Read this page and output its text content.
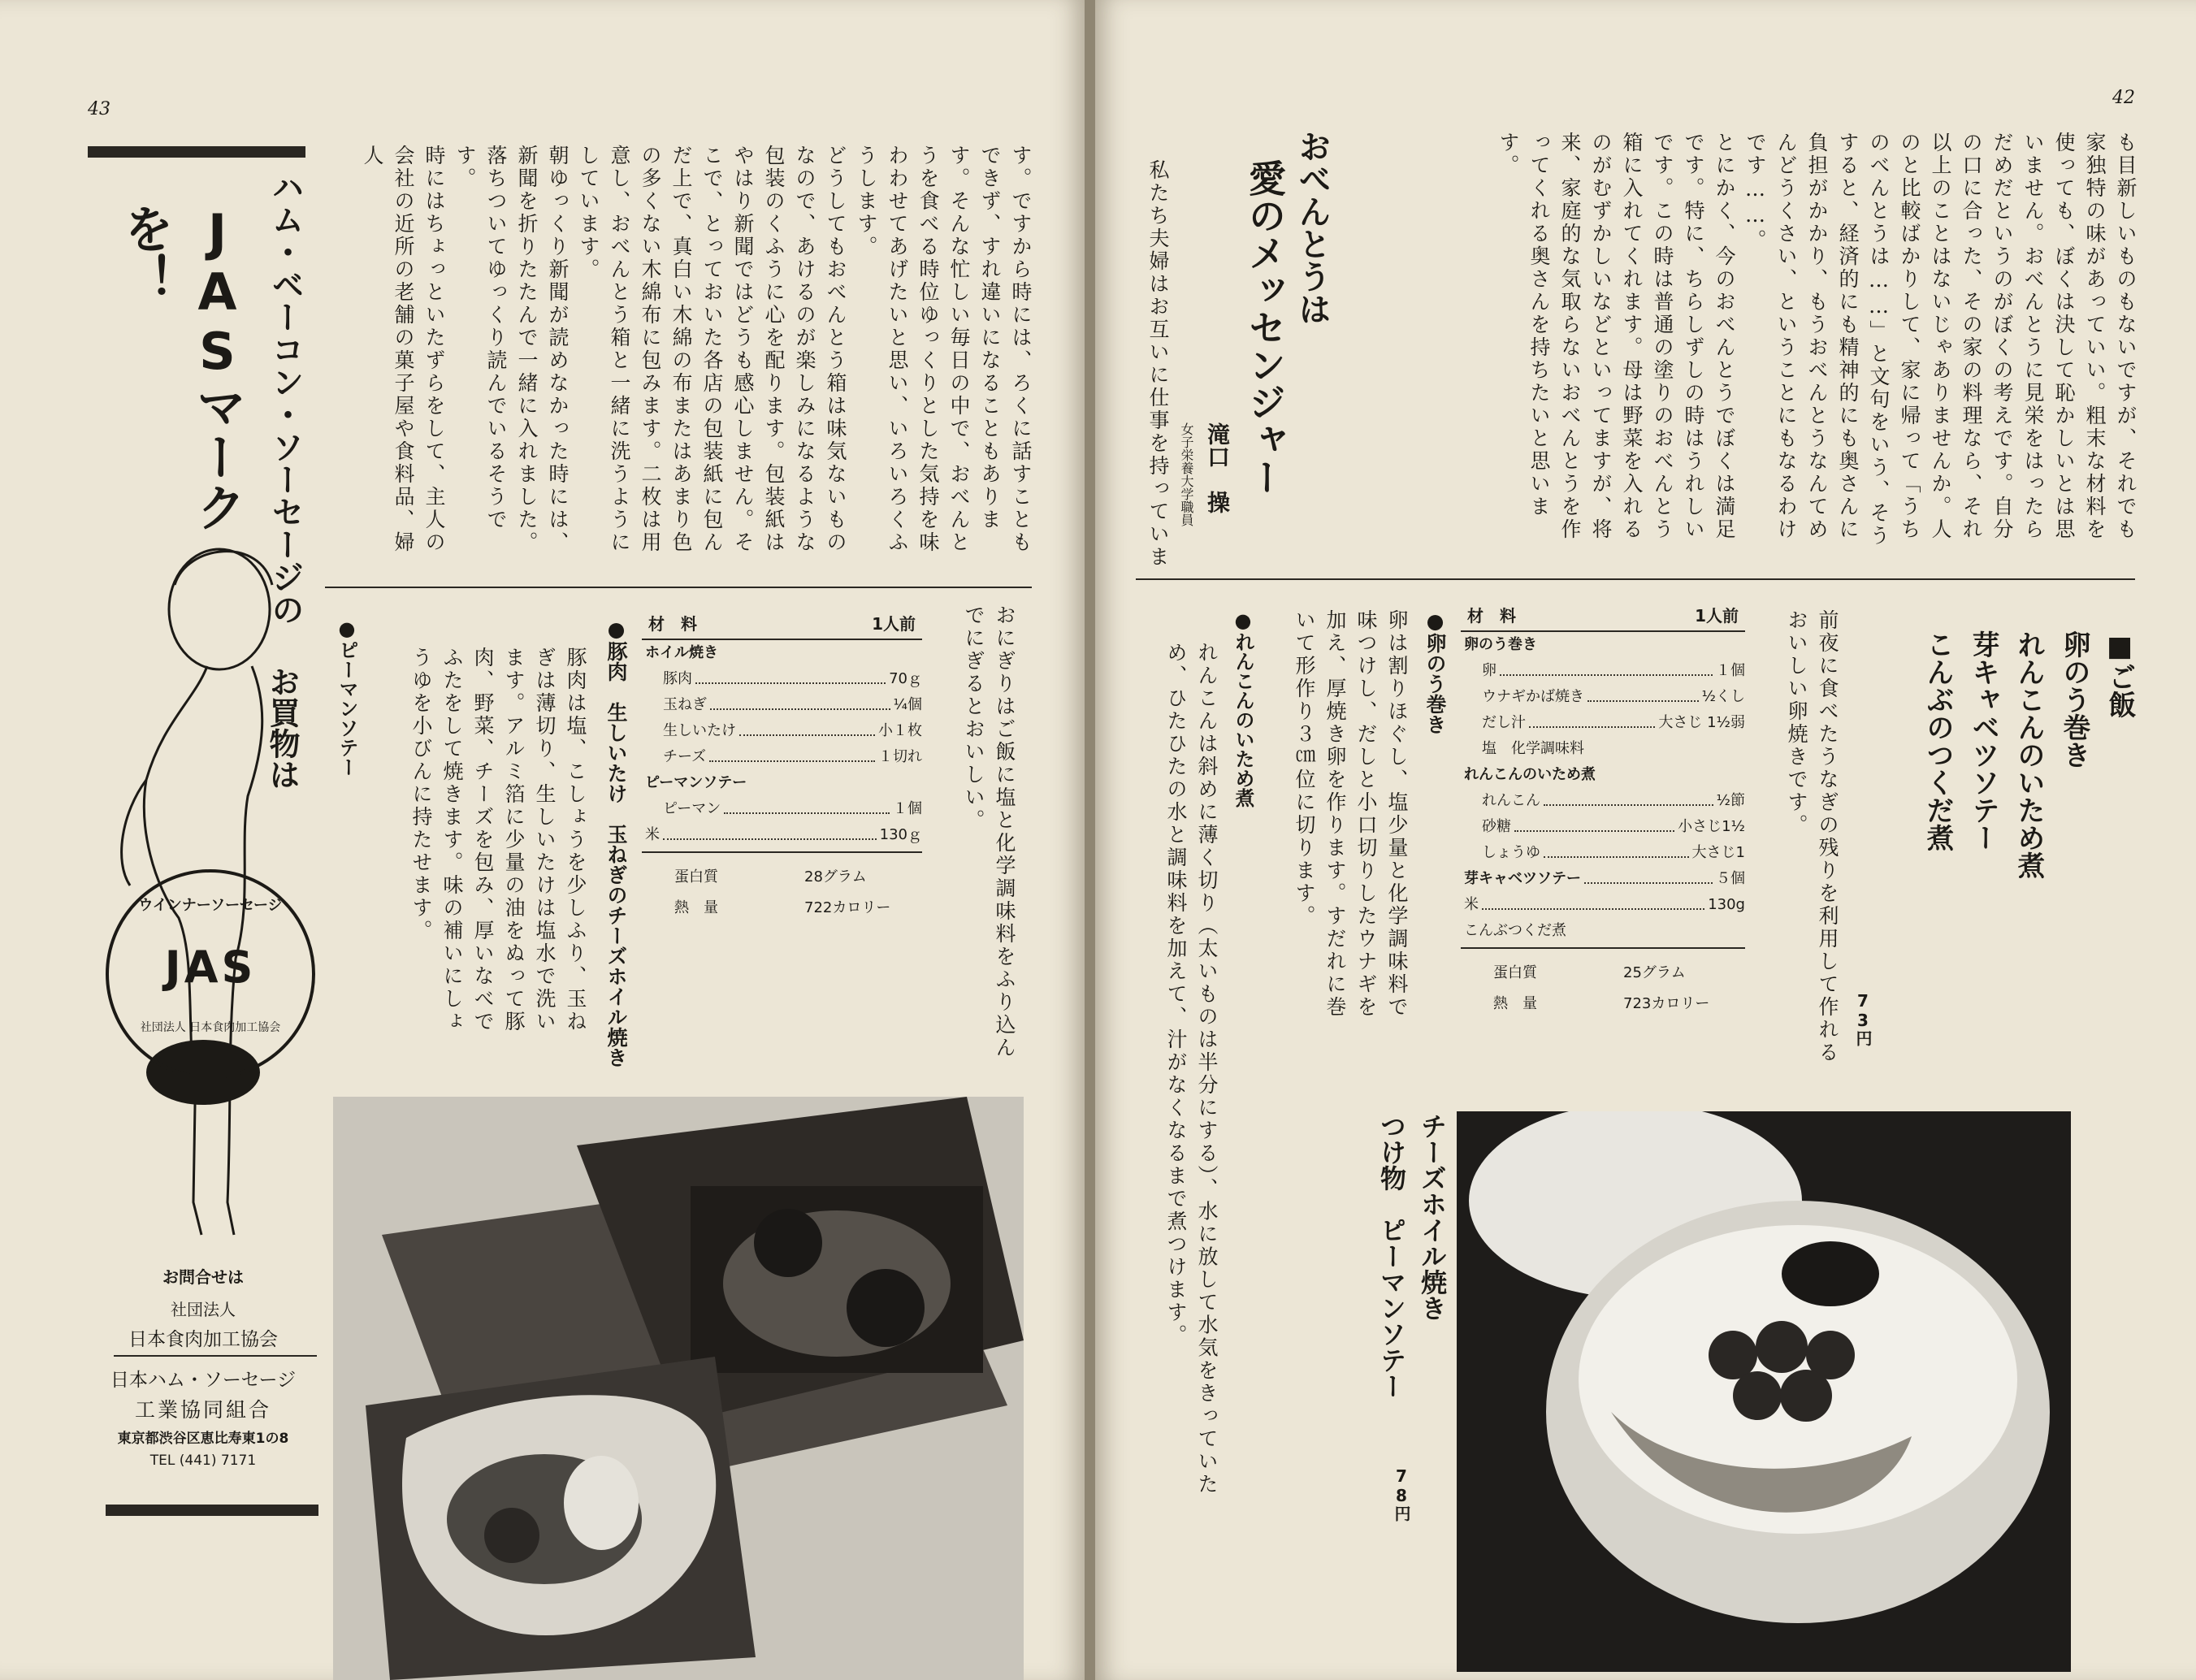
43

す。ですから時には、ろくに話すこともできず、すれ違いになることもあります。そんな忙しい毎日の中で、おべんとうを食べる時位ゆっくりとした気持を味わわせてあげたいと思い、いろいろくふうします。

どうしてもおべんとう箱は味気ないものなので、あけるのが楽しみになるような包装のくふうに心を配ります。包装紙はやはり新聞ではどうも感心しません。そこで、とっておいた各店の包装紙に包んだ上で、真白い木綿の布またはあまり色の多くない木綿布に包みます。二枚は用意し、おべんとう箱と一緒に洗うようにしています。

朝ゆっくり新聞が読めなかった時には、新聞を折りたたんで一緒に入れました。落ちついてゆっくり読んでいるそうです。

時にはちょっといたずらをして、主人の会社の近所の老舗の菓子屋や食料品、婦人

おにぎりはご飯に塩と化学調味料をふり込んでにぎるとおいしい。
材　料	1人前
ホイル焼き
豚肉	70ｇ
玉ねぎ	¼個
生しいたけ	小１枚
チーズ	１切れ
ピーマンソテー
ピーマン	１個
米	130ｇ
蛋白質	28グラム
熱　量	722カロリー
●豚肉　生しいたけ　玉ねぎのチーズホイル焼き
豚肉は塩、こしょうを少しふり、玉ねぎは薄切り、生しいたけは塩水で洗います。アルミ箔に少量の油をぬって豚肉、野菜、チーズを包み、厚いなべでふたをして焼きます。味の補いにしょうゆを小びんに持たせます。
●ピーマンソテー
ハム・ベーコン・ソーセージの
JASマークを！
お買物は
ウインナーソーセージ
JAS
社団法人 日本食肉加工協会
お問合せは
社団法人
日本食肉加工協会
日本ハム・ソーセージ
工業協同組合
東京都渋谷区恵比寿東1の8
TEL (441) 7171
42

も目新しいものもないですが、それでも家独特の味があっていい。粗末な材料を使っても、ぼくは決して恥かしいとは思いません。おべんとうに見栄をはったらだめだというのがぼくの考えです。自分の口に合った、その家の料理なら、それ以上のことはないじゃありませんか。人のと比較ばかりして、家に帰って「うちのべんとうは……」と文句をいう、そうすると、経済的にも精神的にも奥さんに負担がかかり、もうおべんとうなんてめんどうくさい、ということにもなるわけです……。

とにかく、今のおべんとうでぼくは満足です。特に、ちらしずしの時はうれしいです。この時は普通の塗りのおべんとう箱に入れてくれます。母は野菜を入れるのがむずかしいなどといってますが、将来、家庭的な気取らないおべんとうを作ってくれる奥さんを持ちたいと思います。

おべんとうは
愛のメッセンジャー
滝口　操
女子栄養大学職員
私たち夫婦はお互いに仕事を持っていま
■ご飯
卵のう巻き
れんこんのいため煮
芽キャベツソテー
こんぶのつくだ煮
前夜に食べたうなぎの残りを利用して作れるおいしい卵焼きです。
73円
材　料	1人前
卵のう巻き
卵	１個
ウナギかば焼き	½くし
だし汁	大さじ 1½弱
塩　化学調味料
れんこんのいため煮
れんこん	½節
砂糖	小さじ1½
しょうゆ	大さじ1
芽キャベツソテー	５個
米	130g
こんぶつくだ煮
蛋白質	25グラム
熱　量	723カロリー
●卵のう巻き
卵は割りほぐし、塩少量と化学調味料で味つけし、だしと小口切りしたウナギを加え、厚焼き卵を作ります。すだれに巻いて形作り３㎝位に切ります。
●れんこんのいため煮
れんこんは斜めに薄く切り（太いものは半分にする）、水に放して水気をきっていため、ひたひたの水と調味料を加えて、汁がなくなるまで煮つけます。	チーズホイル焼き
つけ物　ピーマンソテー
78円
